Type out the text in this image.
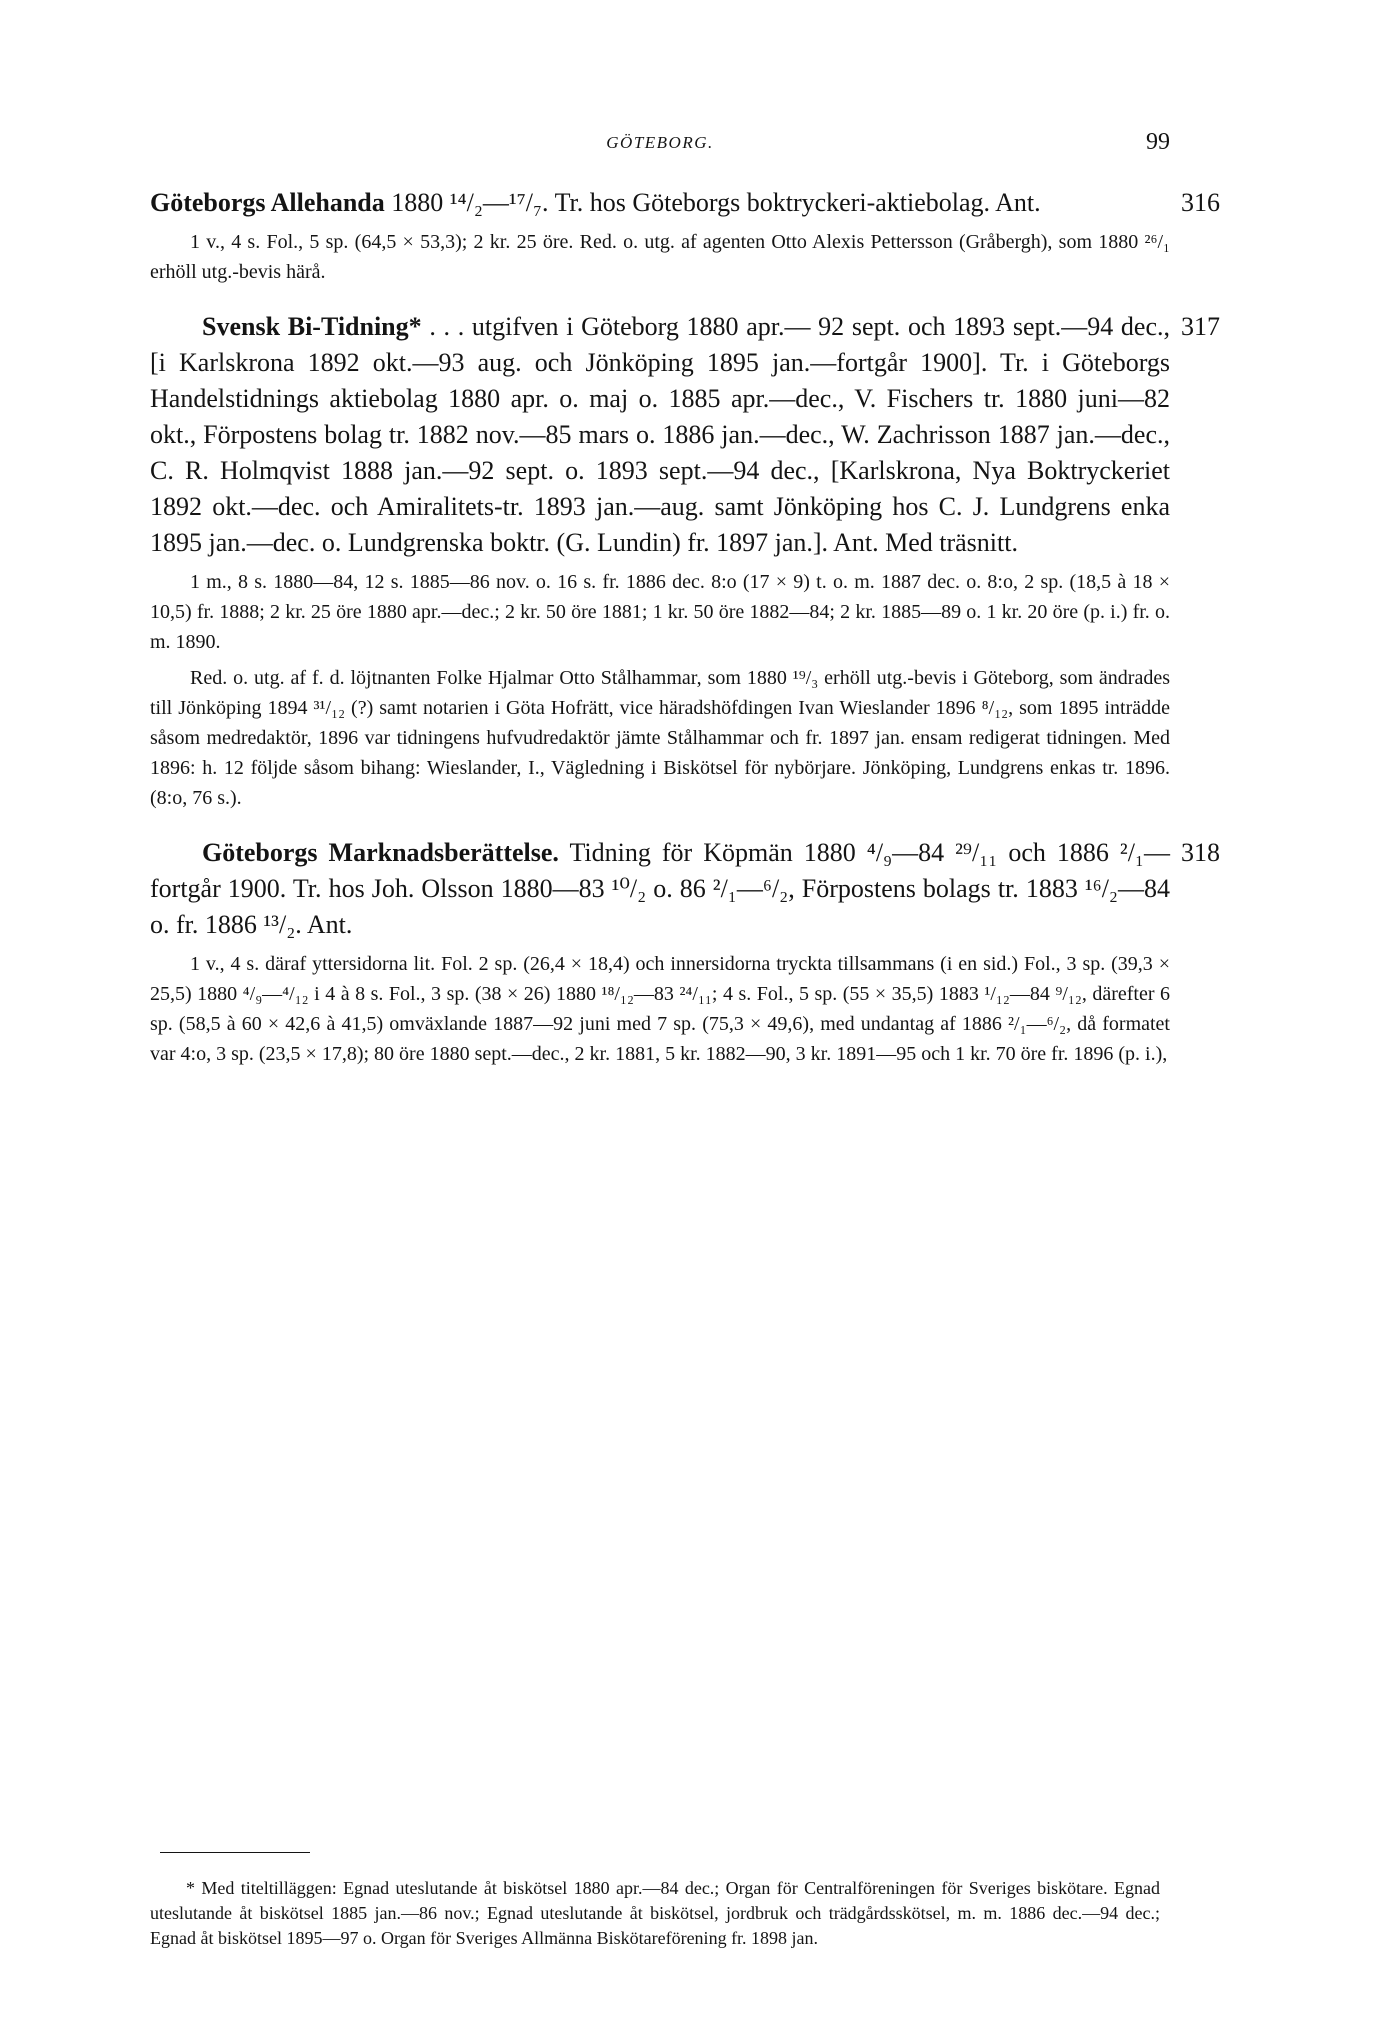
GÖTEBORG.	99
316

Göteborgs Allehanda 1880 ¹⁴/₂—¹⁷/₇. Tr. hos Göteborgs boktryckeri-aktiebolag. Ant.

1 v., 4 s. Fol., 5 sp. (64,5 × 53,3); 2 kr. 25 öre. Red. o. utg. af agenten Otto Alexis Pettersson (Gråbergh), som 1880 ²⁶/₁ erhöll utg.-bevis härå.

317

Svensk Bi-Tidning* . . . utgifven i Göteborg 1880 apr.— 92 sept. och 1893 sept.—94 dec., [i Karlskrona 1892 okt.—93 aug. och Jönköping 1895 jan.—fortgår 1900]. Tr. i Göteborgs Handelstidnings aktiebolag 1880 apr. o. maj o. 1885 apr.—dec., V. Fischers tr. 1880 juni—82 okt., Förpostens bolag tr. 1882 nov.—85 mars o. 1886 jan.—dec., W. Zachrisson 1887 jan.—dec., C. R. Holmqvist 1888 jan.—92 sept. o. 1893 sept.—94 dec., [Karlskrona, Nya Boktryckeriet 1892 okt.—dec. och Amiralitets-tr. 1893 jan.—aug. samt Jönköping hos C. J. Lundgrens enka 1895 jan.—dec. o. Lundgrenska boktr. (G. Lundin) fr. 1897 jan.]. Ant. Med träsnitt.

1 m., 8 s. 1880—84, 12 s. 1885—86 nov. o. 16 s. fr. 1886 dec. 8:o (17 × 9) t. o. m. 1887 dec. o. 8:o, 2 sp. (18,5 à 18 × 10,5) fr. 1888; 2 kr. 25 öre 1880 apr.—dec.; 2 kr. 50 öre 1881; 1 kr. 50 öre 1882—84; 2 kr. 1885—89 o. 1 kr. 20 öre (p. i.) fr. o. m. 1890.

Red. o. utg. af f. d. löjtnanten Folke Hjalmar Otto Stålhammar, som 1880 ¹⁹/₃ erhöll utg.-bevis i Göteborg, som ändrades till Jönköping 1894 ³¹/₁₂ (?) samt notarien i Göta Hofrätt, vice häradshöfdingen Ivan Wieslander 1896 ⁸/₁₂, som 1895 inträdde såsom medredaktör, 1896 var tidningens hufvudredaktör jämte Stålhammar och fr. 1897 jan. ensam redigerat tidningen. Med 1896: h. 12 följde såsom bihang: Wieslander, I., Vägledning i Biskötsel för nybörjare. Jönköping, Lundgrens enkas tr. 1896. (8:o, 76 s.).

318

Göteborgs Marknadsberättelse. Tidning för Köpmän 1880 ⁴/₉—84 ²⁹/₁₁ och 1886 ²/₁—fortgår 1900. Tr. hos Joh. Olsson 1880—83 ¹⁰/₂ o. 86 ²/₁—⁶/₂, Förpostens bolags tr. 1883 ¹⁶/₂—84 o. fr. 1886 ¹³/₂. Ant.

1 v., 4 s. däraf yttersidorna lit. Fol. 2 sp. (26,4 × 18,4) och innersidorna tryckta tillsammans (i en sid.) Fol., 3 sp. (39,3 × 25,5) 1880 ⁴/₉—⁴/₁₂ i 4 à 8 s. Fol., 3 sp. (38 × 26) 1880 ¹⁸/₁₂—83 ²⁴/₁₁; 4 s. Fol., 5 sp. (55 × 35,5) 1883 ¹/₁₂—84 ⁹/₁₂, därefter 6 sp. (58,5 à 60 × 42,6 à 41,5) omväxlande 1887—92 juni med 7 sp. (75,3 × 49,6), med undantag af 1886 ²/₁—⁶/₂, då formatet var 4:o, 3 sp. (23,5 × 17,8); 80 öre 1880 sept.—dec., 2 kr. 1881, 5 kr. 1882—90, 3 kr. 1891—95 och 1 kr. 70 öre fr. 1896 (p. i.),

* Med titeltilläggen: Egnad uteslutande åt biskötsel 1880 apr.—84 dec.; Organ för Centralföreningen för Sveriges biskötare. Egnad uteslutande åt biskötsel 1885 jan.—86 nov.; Egnad uteslutande åt biskötsel, jordbruk och trädgårdsskötsel, m. m. 1886 dec.—94 dec.; Egnad åt biskötsel 1895—97 o. Organ för Sveriges Allmänna Biskötareförening fr. 1898 jan.
